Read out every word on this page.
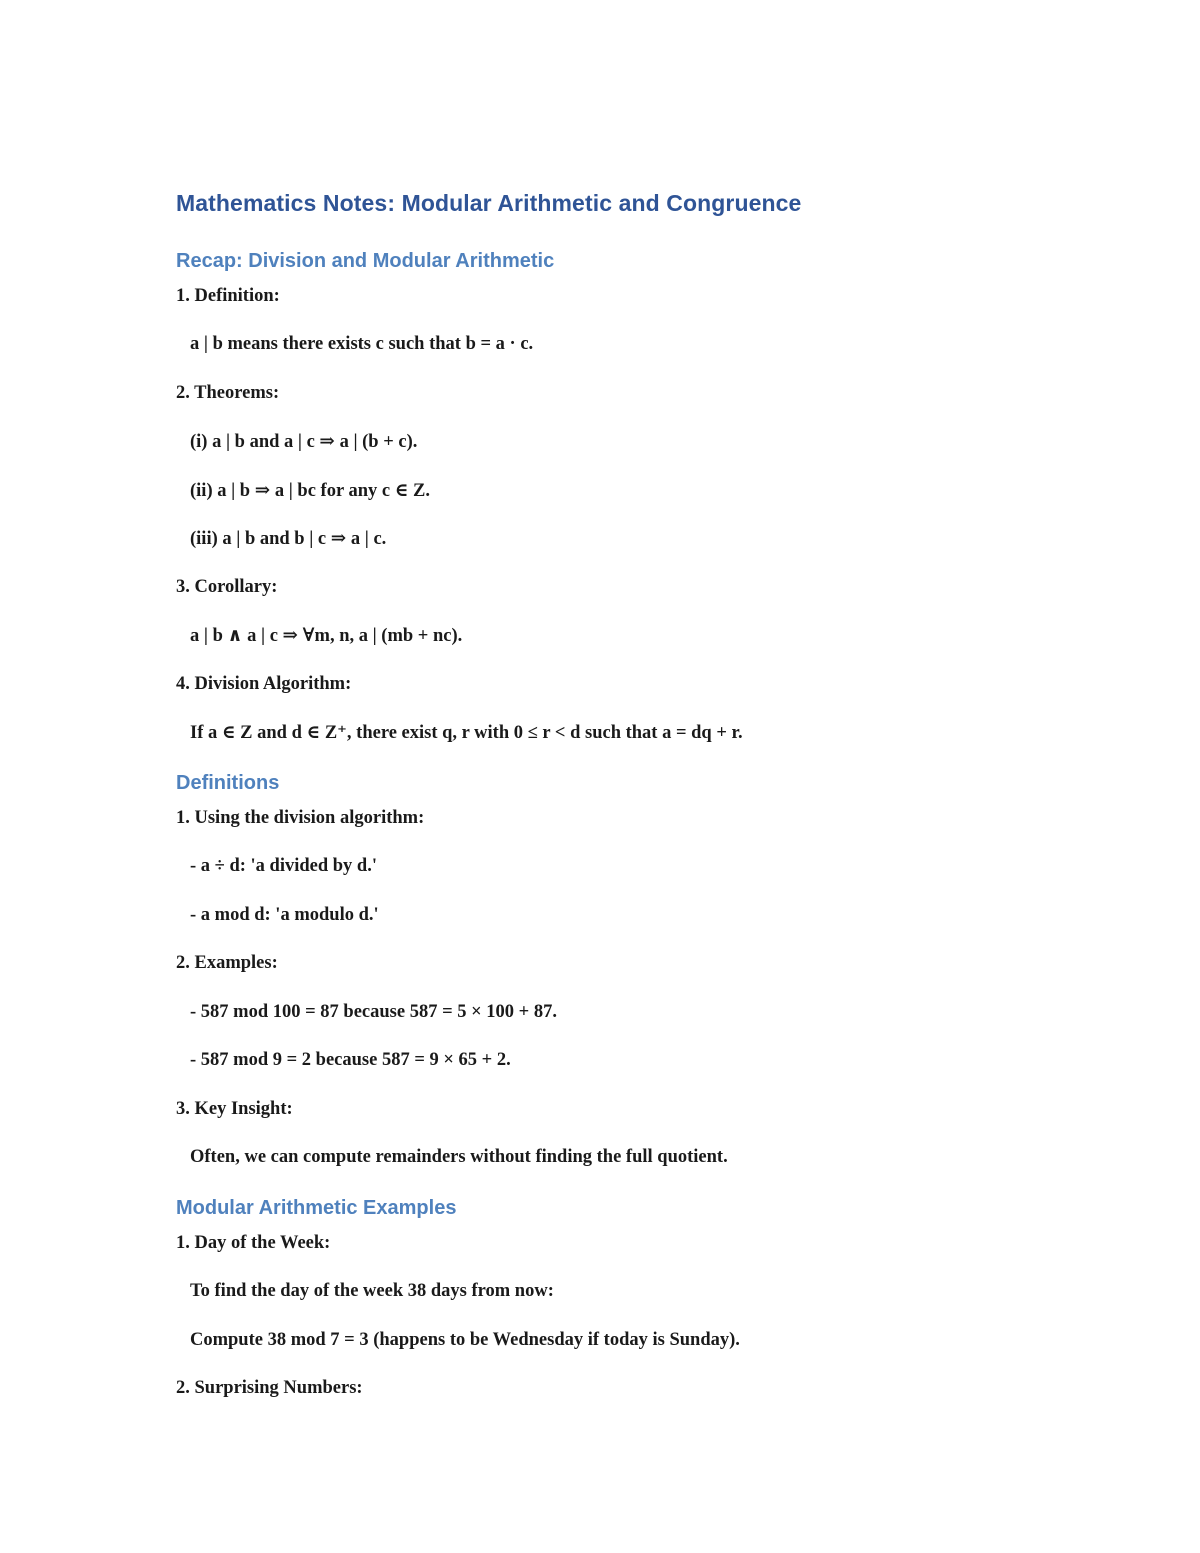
Mathematics Notes: Modular Arithmetic and Congruence
Recap: Division and Modular Arithmetic
1. Definition:
a | b means there exists c such that b = a · c.
2. Theorems:
(i) a | b and a | c ⇒ a | (b + c).
(ii) a | b ⇒ a | bc for any c ∈ Z.
(iii) a | b and b | c ⇒ a | c.
3. Corollary:
a | b ∧ a | c ⇒ ∀m, n, a | (mb + nc).
4. Division Algorithm:
If a ∈ Z and d ∈ Z⁺, there exist q, r with 0 ≤ r < d such that a = dq + r.
Definitions
1. Using the division algorithm:
- a ÷ d: 'a divided by d.'
- a mod d: 'a modulo d.'
2. Examples:
- 587 mod 100 = 87 because 587 = 5 × 100 + 87.
- 587 mod 9 = 2 because 587 = 9 × 65 + 2.
3. Key Insight:
Often, we can compute remainders without finding the full quotient.
Modular Arithmetic Examples
1. Day of the Week:
To find the day of the week 38 days from now:
Compute 38 mod 7 = 3 (happens to be Wednesday if today is Sunday).
2. Surprising Numbers:
